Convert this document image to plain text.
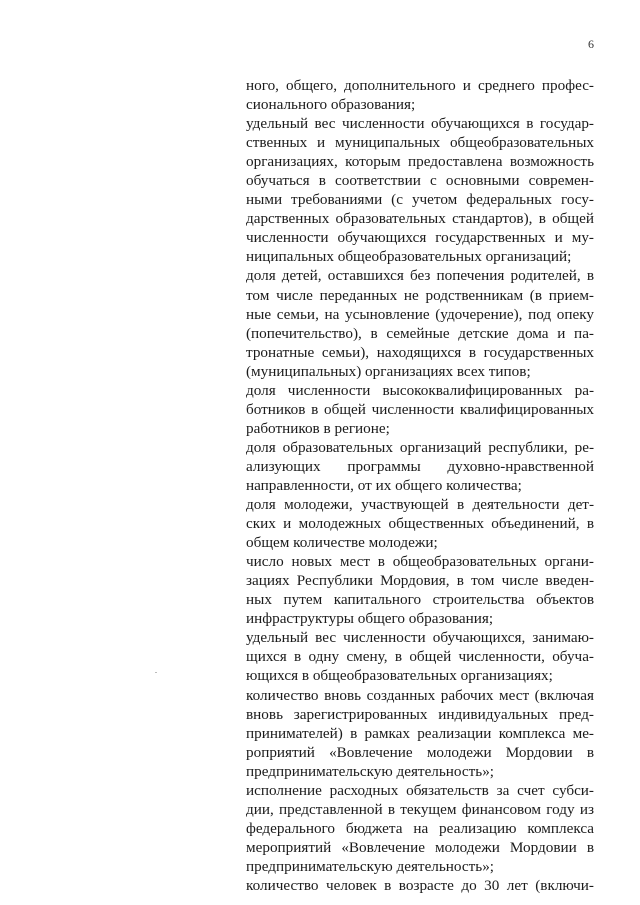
6
ного, общего, дополнительного и среднего профес-
сионального образования;
удельный вес численности обучающихся в государ-
ственных и муниципальных общеобразовательных
организациях, которым предоставлена возможность
обучаться в соответствии с основными современ-
ными требованиями (с учетом федеральных госу-
дарственных образовательных стандартов), в общей
численности обучающихся государственных и му-
ниципальных общеобразовательных организаций;
доля детей, оставшихся без попечения родителей, в
том числе переданных не родственникам (в прием-
ные семьи, на усыновление (удочерение), под опеку
(попечительство), в семейные детские дома и па-
тронатные семьи), находящихся в государственных
(муниципальных) организациях всех типов;
доля численности высококвалифицированных ра-
ботников в общей численности квалифицированных
работников в регионе;
доля образовательных организаций республики, ре-
ализующих программы духовно-нравственной
направленности, от их общего количества;
доля молодежи, участвующей в деятельности дет-
ских и молодежных общественных объединений, в
общем количестве молодежи;
число новых мест в общеобразовательных органи-
зациях Республики Мордовия, в том числе введен-
ных путем капитального строительства объектов
инфраструктуры общего образования;
удельный вес численности обучающихся, занимаю-
щихся в одну смену, в общей численности, обуча-
ющихся в общеобразовательных организациях;
количество вновь созданных рабочих мест (включая
вновь зарегистрированных индивидуальных пред-
принимателей) в рамках реализации комплекса ме-
роприятий «Вовлечение молодежи Мордовии в
предпринимательскую деятельность»;
исполнение расходных обязательств за счет субси-
дии, представленной в текущем финансовом году из
федерального бюджета на реализацию комплекса
мероприятий «Вовлечение молодежи Мордовии в
предпринимательскую деятельность»;
количество человек в возрасте до 30 лет (включи-
